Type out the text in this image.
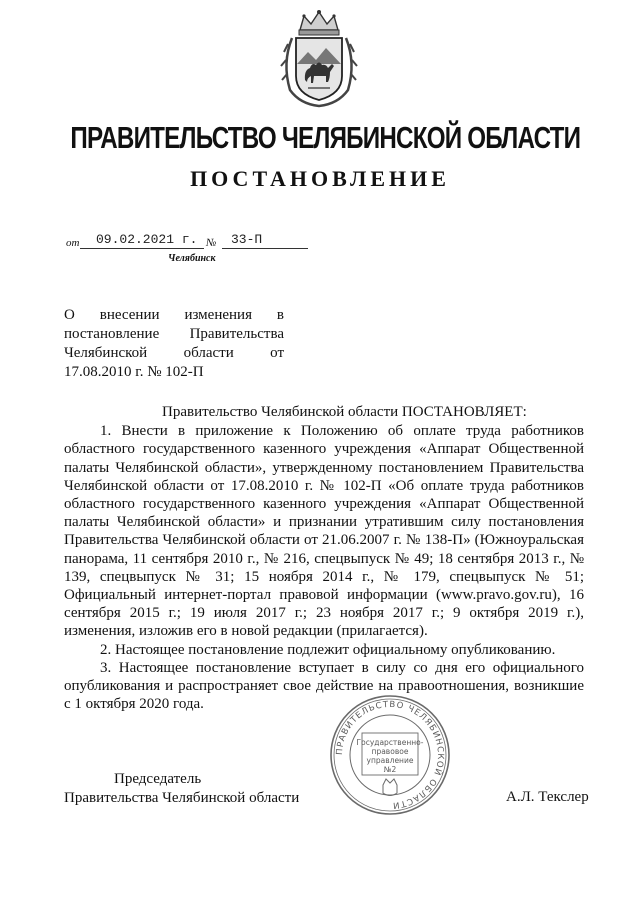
ПРАВИТЕЛЬСТВО ЧЕЛЯБИНСКОЙ ОБЛАСТИ
ПОСТАНОВЛЕНИЕ
от 09.02.2021 г. № 33-П
Челябинск
О внесении изменения в постановление Правительства Челябинской области от 17.08.2010 г. № 102-П

Правительство Челябинской области ПОСТАНОВЛЯЕТ:

1. Внести в приложение к Положению об оплате труда работников областного государственного казенного учреждения «Аппарат Общественной палаты Челябинской области», утвержденному постановлением Правительства Челябинской области от 17.08.2010 г. № 102-П «Об оплате труда работников областного государственного казенного учреждения «Аппарат Общественной палаты Челябинской области» и признании утратившим силу постановления Правительства Челябинской области от 21.06.2007 г. № 138-П» (Южноуральская панорама, 11 сентября 2010 г., № 216, спецвыпуск № 49; 18 сентября 2013 г., № 139, спецвыпуск № 31; 15 ноября 2014 г., № 179, спецвыпуск № 51; Официальный интернет-портал правовой информации (www.pravo.gov.ru), 16 сентября 2015 г.; 19 июля 2017 г.; 23 ноября 2017 г.; 9 октября 2019 г.), изменения, изложив его в новой редакции (прилагается).

2. Настоящее постановление подлежит официальному опубликованию.

3. Настоящее постановление вступает в силу со дня его официального опубликования и распространяет свое действие на правоотношения, возникшие с 1 октября 2020 года.

Председатель
Правительства Челябинской области	А.Л. Текслер
ПРАВИТЕЛЬСТВО ЧЕЛЯБИНСКОЙ ОБЛАСТИ
Государственно-
правовое
управление
№2
